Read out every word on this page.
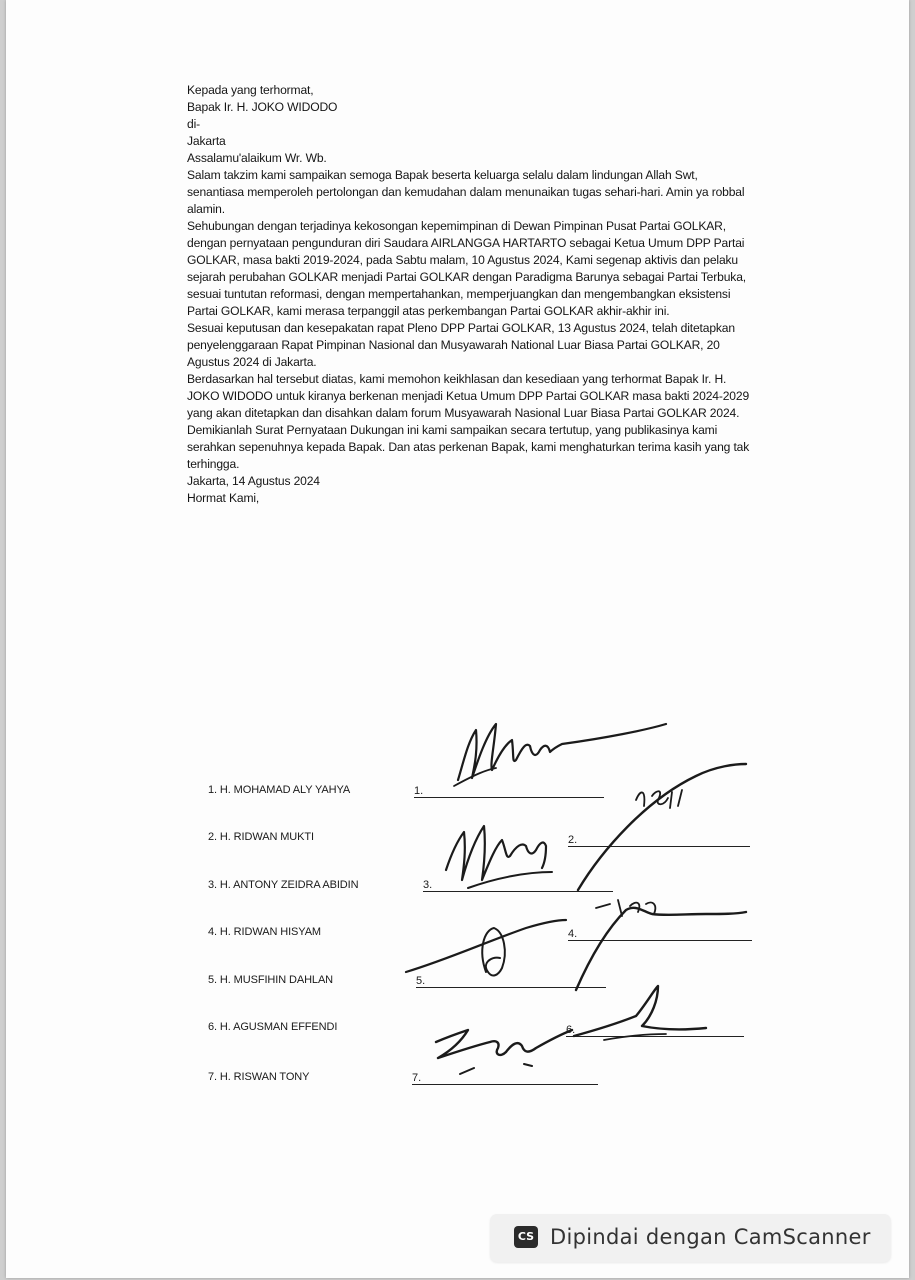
Kepada yang terhormat,

Bapak Ir. H. JOKO WIDODO

di-

Jakarta

Assalamu'alaikum Wr. Wb.

Salam takzim kami sampaikan semoga Bapak beserta keluarga selalu dalam lindungan Allah Swt, senantiasa memperoleh pertolongan dan kemudahan dalam menunaikan tugas sehari-hari. Amin ya robbal alamin.

Sehubungan dengan terjadinya kekosongan kepemimpinan di Dewan Pimpinan Pusat Partai GOLKAR, dengan pernyataan pengunduran diri Saudara AIRLANGGA HARTARTO sebagai Ketua Umum DPP Partai GOLKAR, masa bakti 2019-2024, pada Sabtu malam, 10 Agustus 2024, Kami segenap aktivis dan pelaku sejarah perubahan GOLKAR menjadi Partai GOLKAR dengan Paradigma Barunya sebagai Partai Terbuka, sesuai tuntutan reformasi, dengan mempertahankan, memperjuangkan dan mengembangkan eksistensi Partai GOLKAR, kami merasa terpanggil atas perkembangan Partai GOLKAR akhir-akhir ini.

Sesuai keputusan dan kesepakatan rapat Pleno DPP Partai GOLKAR, 13 Agustus 2024, telah ditetapkan penyelenggaraan Rapat Pimpinan Nasional dan Musyawarah National Luar Biasa Partai GOLKAR, 20 Agustus 2024 di Jakarta.

Berdasarkan hal tersebut diatas, kami memohon keikhlasan dan kesediaan yang terhormat Bapak Ir. H. JOKO WIDODO untuk kiranya berkenan menjadi Ketua Umum DPP Partai GOLKAR masa bakti 2024-2029 yang akan ditetapkan dan disahkan dalam forum Musyawarah Nasional Luar Biasa Partai GOLKAR 2024.

Demikianlah Surat Pernyataan Dukungan ini kami sampaikan secara tertutup, yang publikasinya kami serahkan sepenuhnya kepada Bapak. Dan atas perkenan Bapak, kami menghaturkan terima kasih yang tak terhingga.

Jakarta, 14 Agustus 2024

Hormat Kami,

1. H. MOHAMAD ALY YAHYA	1.
2. H. RIDWAN MUKTI	2.
3. H. ANTONY ZEIDRA ABIDIN	3.
4. H. RIDWAN HISYAM	4.
5. H. MUSFIHIN DAHLAN	5.
6. H. AGUSMAN EFFENDI	6.
7. H. RISWAN TONY	7.
CS Dipindai dengan CamScanner
